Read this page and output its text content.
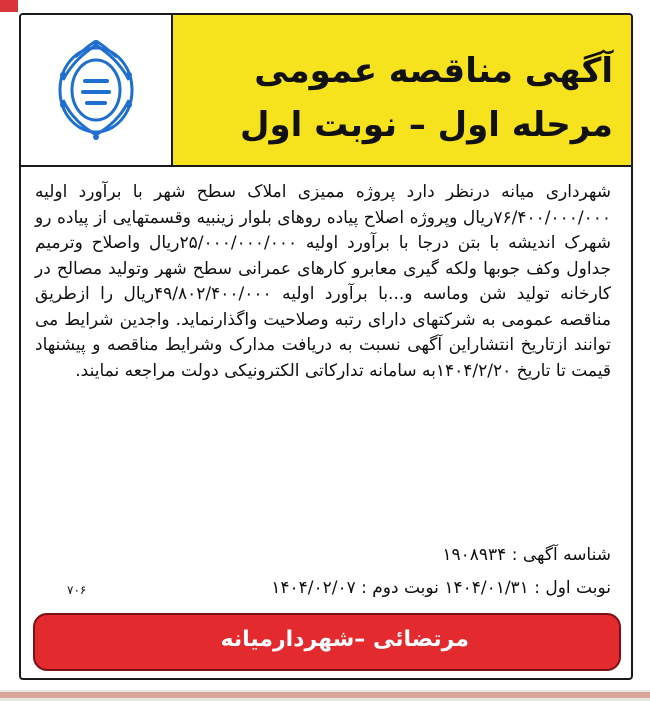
آگهی مناقصه عمومی
مرحله اول – نوبت اول
شهرداری میانه درنظر دارد پروژه ممیزی املاک سطح شهر با برآورد اولیه ۷۶/۴۰۰/۰۰۰/۰۰۰ریال وپروژه اصلاح پیاده روهای بلوار زینبیه وقسمتهایی از پیاده رو شهرک اندیشه با بتن درجا با برآورد اولیه ۲۵/۰۰۰/۰۰۰/۰۰۰ریال واصلاح وترمیم جداول وکف جوبها ولکه گیری معابرو کارهای عمرانی سطح شهر وتولید مصالح در کارخانه تولید شن وماسه و...با برآورد اولیه ۴۹/۸۰۲/۴۰۰/۰۰۰ریال را ازطریق مناقصه عمومی به شرکتهای دارای رتبه وصلاحیت واگذارنماید. واجدین شرایط می توانند ازتاریخ انتشاراین آگهی نسبت به دریافت مدارک وشرایط مناقصه و پیشنهاد قیمت تا تاریخ ۱۴۰۴/۲/۲۰به سامانه تدارکاتی الکترونیکی دولت مراجعه نمایند.
شناسه آگهی : ۱۹۰۸۹۳۴
نوبت اول : ۱۴۰۴/۰۱/۳۱ نوبت دوم : ۱۴۰۴/۰۲/۰۷
۷۰۶
مرتضائی –شهردارمیانه
